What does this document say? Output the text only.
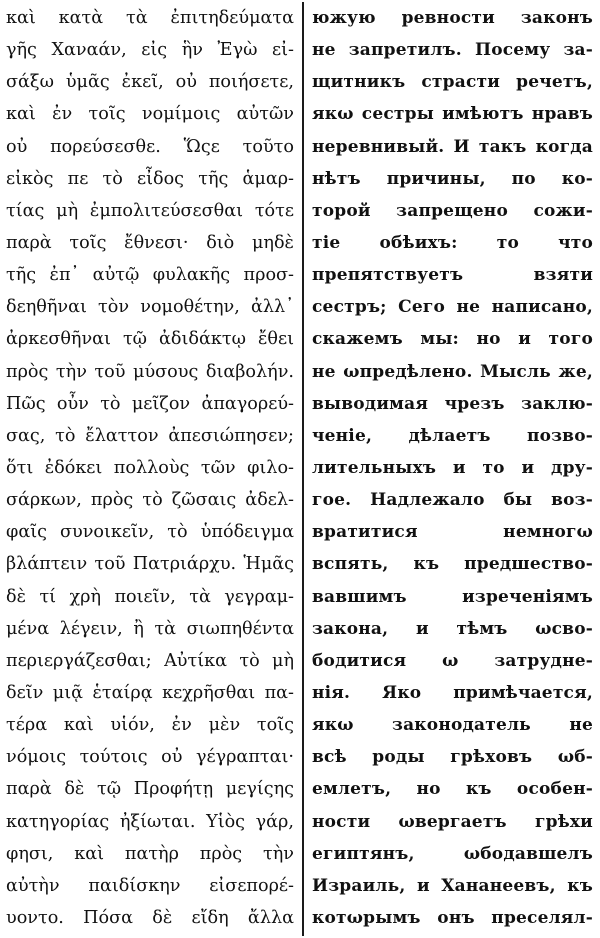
καὶ κατὰ τὰ ἐπιτηδεύματα
γῆς Χαναάν, εἰς ἣν Ἐγὼ εἰ-
σάξω ὑμᾶς ἐκεῖ, οὐ ποιήσετε,
καὶ ἐν τοῖς νομίμοις αὐτῶν
οὐ πορεύσεσθε. Ὥςε τοῦτο
εἰκὸς πε τὸ εἶδος τῆς ἁμαρ-
τίας μὴ ἐμπολιτεύσεσθαι τότε
παρὰ τοῖς ἔθνεσι· διὸ μηδὲ
τῆς ἐπ᾽ αὐτῷ φυλακῆς προσ-
δεηθῆναι τὸν νομοθέτην, ἀλλ᾽
ἀρκεσθῆναι τῷ ἀδιδάκτῳ ἔθει
πρὸς τὴν τοῦ μύσους διαβολήν.
Πῶς οὖν τὸ μεῖζον ἀπαγορεύ-
σας, τὸ ἔλαττον ἀπεσιώπησεν;
ὅτι ἐδόκει πολλοὺς τῶν φιλο-
σάρκων, πρὸς τὸ ζῶσαις ἀδελ-
φαῖς συνοικεῖν, τὸ ὑπόδειγμα
βλάπτειν τοῦ Πατριάρχυ. Ἡμᾶς
δὲ τί χρὴ ποιεῖν, τὰ γεγραμ-
μένα λέγειν, ἢ τὰ σιωπηθέντα
περιεργάζεσθαι; Αὐτίκα τὸ μὴ
δεῖν μιᾷ ἑταίρᾳ κεχρῆσθαι πα-
τέρα καὶ υἱόν, ἐν μὲν τοῖς
νόμοις τούτοις οὐ γέγραπται·
παρὰ δὲ τῷ Προφήτῃ μεγίςης
κατηγορίας ἠξίωται. Υἱὸς γάρ,
φησι, καὶ πατὴρ πρὸς τὴν
αὐτὴν παιδίσκην εἰσεπορέ-
υοντο. Πόσα δὲ εἴδη ἄλλα
южую ревности законъ
не запретилъ. Посему за-
щитникъ страсти речетъ,
якω сестры имѣютъ нравъ
неревнивый. И такъ когда
нѣтъ причины, по ко-
торой запрещено сожи-
тіе обѣихъ: то что
препятствуетъ взяти
сестръ; Сего не написано,
скажемъ мы: но и того
не ωпредѣлено. Мысль же,
выводимая чрезъ заклю-
ченіе, дѣлаетъ позво-
лительныхъ и то и дру-
гое. Надлежало бы воз-
вратитися немногω
вспять, къ предшество-
вавшимъ изреченіямъ
закона, и тѣмъ ωсво-
бодитися ω затрудне-
нія. Яко примѣчается,
якω законодатель не
всѣ роды грѣховъ ωб-
емлетъ, но къ особен-
ности ωвергаетъ грѣхи
египтянъ, ωбодавшелъ
Израиль, и Хананеевъ, къ
котωрымъ онъ преселял-
